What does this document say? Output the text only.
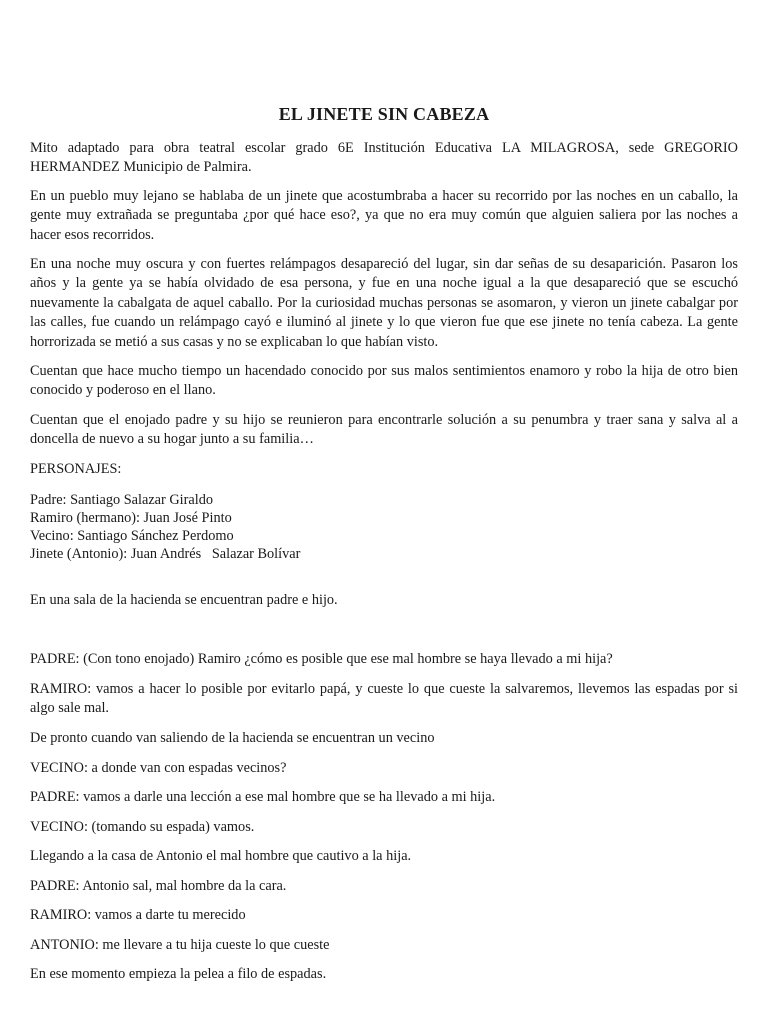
EL JINETE SIN CABEZA
Mito adaptado para obra teatral escolar grado 6E Institución Educativa LA MILAGROSA, sede GREGORIO HERMANDEZ Municipio de Palmira.
En un pueblo muy lejano se hablaba de un jinete que acostumbraba a hacer su recorrido por las noches en un caballo, la gente muy extrañada se preguntaba ¿por qué hace eso?, ya que no era muy común que alguien saliera por las noches a hacer esos recorridos.
En una noche muy oscura y con fuertes relámpagos desapareció del lugar, sin dar señas de su desaparición. Pasaron los años y la gente ya se había olvidado de esa persona, y fue en una noche igual a la que desapareció que se escuchó nuevamente la cabalgata de aquel caballo. Por la curiosidad muchas personas se asomaron, y vieron un jinete cabalgar por las calles, fue cuando un relámpago cayó e iluminó al jinete y lo que vieron fue que ese jinete no tenía cabeza. La gente horrorizada se metió a sus casas y no se explicaban lo que habían visto.
Cuentan que hace mucho tiempo un hacendado conocido por sus malos sentimientos enamoro y robo la hija de otro bien conocido y poderoso en el llano.
Cuentan que el enojado padre y su hijo se reunieron para encontrarle solución a su penumbra y traer sana y salva al a doncella de nuevo a su hogar junto a su familia…
PERSONAJES:
Padre: Santiago Salazar Giraldo
Ramiro (hermano): Juan José Pinto
Vecino: Santiago Sánchez Perdomo
Jinete (Antonio): Juan Andrés   Salazar Bolívar
En una sala de la hacienda se encuentran padre e hijo.
PADRE: (Con tono enojado) Ramiro ¿cómo es posible que ese mal hombre se haya llevado a mi hija?
RAMIRO: vamos a hacer lo posible por evitarlo papá, y cueste lo que cueste la salvaremos, llevemos las espadas por si algo sale mal.
De pronto cuando van saliendo de la hacienda se encuentran un vecino
VECINO: a donde van con espadas vecinos?
PADRE: vamos a darle una lección a ese mal hombre que se ha llevado a mi hija.
VECINO: (tomando su espada) vamos.
Llegando a la casa de Antonio el mal hombre que cautivo a la hija.
PADRE: Antonio sal, mal hombre da la cara.
RAMIRO: vamos a darte tu merecido
ANTONIO: me llevare a tu hija cueste lo que cueste
En ese momento empieza la pelea a filo de espadas.
